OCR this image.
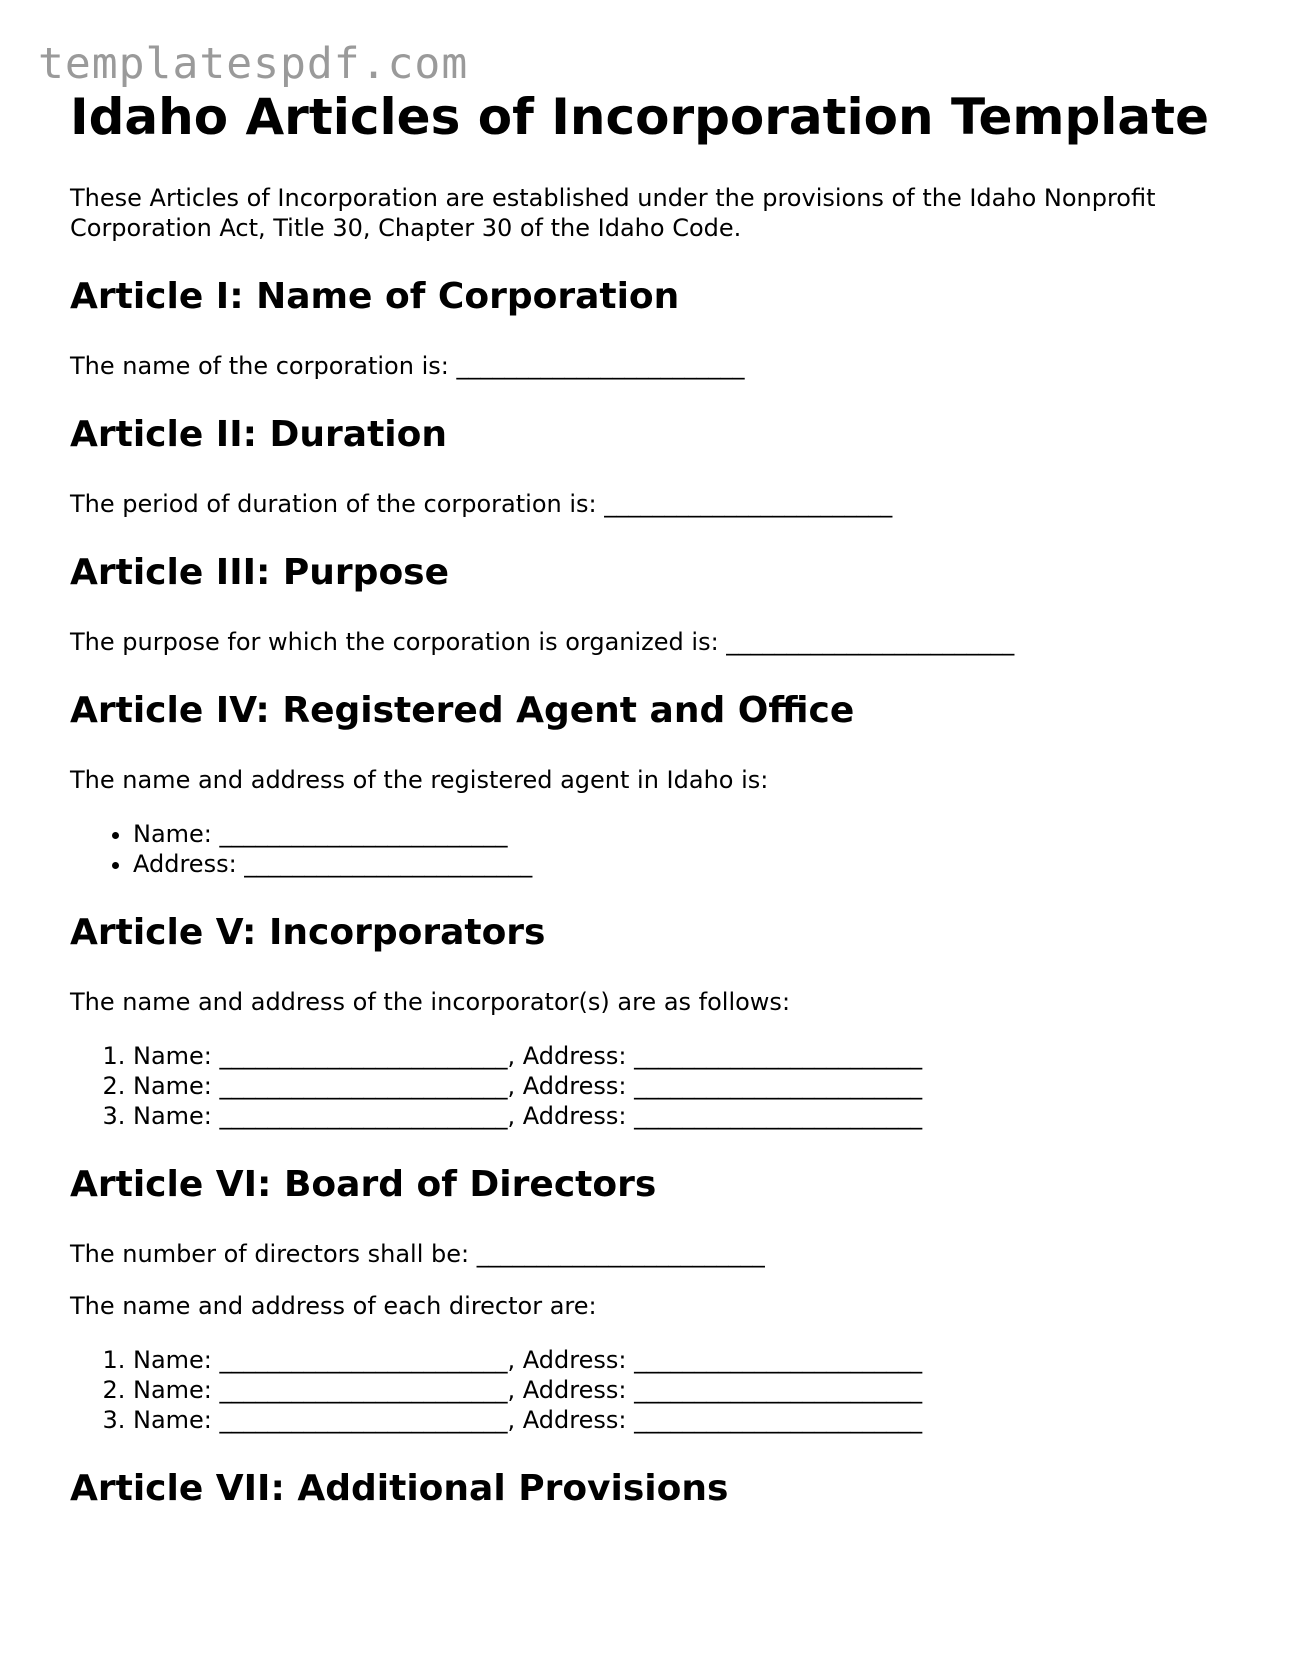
templatespdf.com
Idaho Articles of Incorporation Template

These Articles of Incorporation are established under the provisions of the Idaho Nonprofit Corporation Act, Title 30, Chapter 30 of the Idaho Code.

Article I: Name of Corporation

The name of the corporation is: ________________________

Article II: Duration

The period of duration of the corporation is: ________________________

Article III: Purpose

The purpose for which the corporation is organized is: ________________________

Article IV: Registered Agent and Office

The name and address of the registered agent in Idaho is:

• Name: ________________________
• Address: ________________________
Article V: Incorporators

The name and address of the incorporator(s) are as follows:

1. Name: ________________________, Address: ________________________
2. Name: ________________________, Address: ________________________
3. Name: ________________________, Address: ________________________
Article VI: Board of Directors

The number of directors shall be: ________________________

The name and address of each director are:

1. Name: ________________________, Address: ________________________
2. Name: ________________________, Address: ________________________
3. Name: ________________________, Address: ________________________
Article VII: Additional Provisions
